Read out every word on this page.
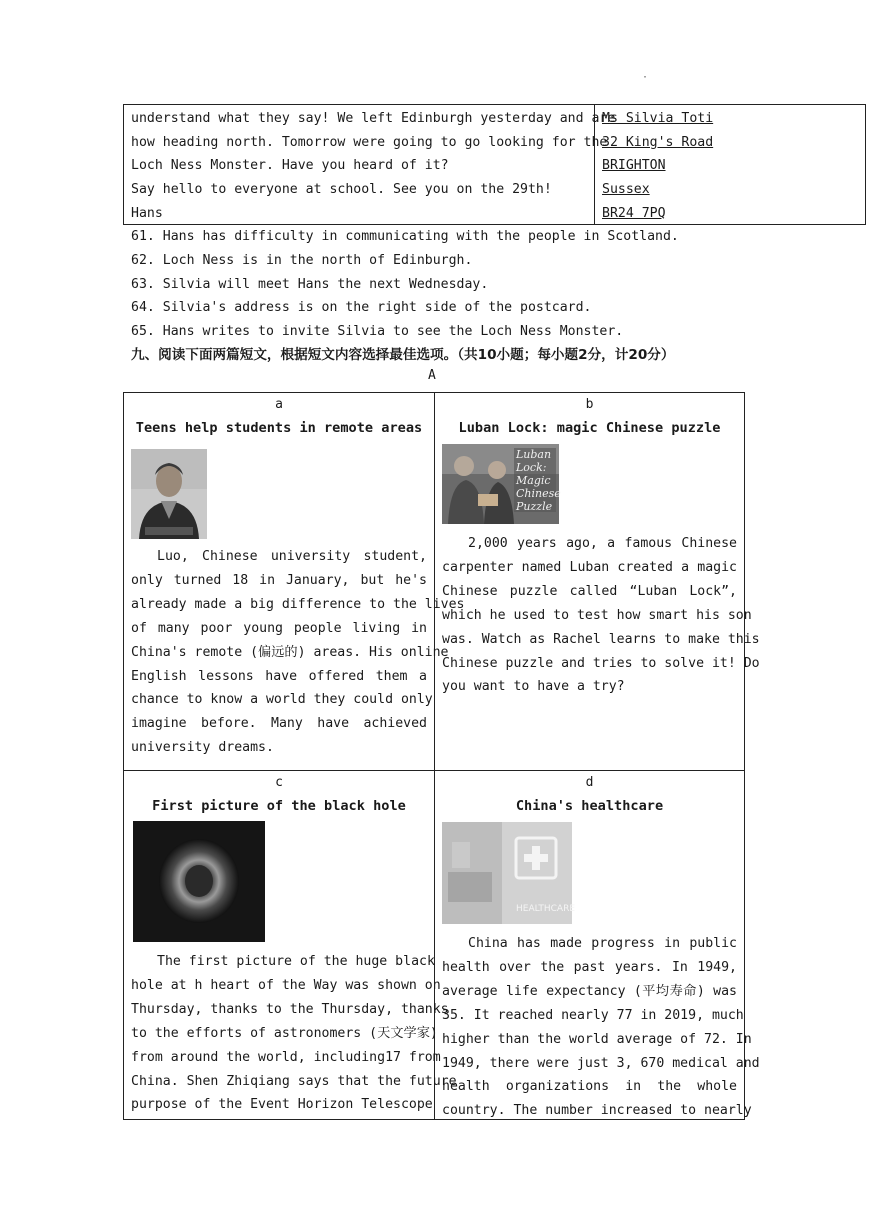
·
understand what they say! We left Edinburgh yesterday and are
how heading north. Tomorrow were going to go looking for the
Loch Ness Monster. Have you heard of it?
Say hello to everyone at school. See you on the 29th!
Hans
Ms Silvia Toti
32 King's Road
BRIGHTON
Sussex
BR24 7PQ
61. Hans has difficulty in communicating with the people in Scotland.
62. Loch Ness is in the north of Edinburgh.
63. Silvia will meet Hans the next Wednesday.
64. Silvia's address is on the right side of the postcard.
65. Hans writes to invite Silvia to see the Loch Ness Monster.
九、阅读下面两篇短文，根据短文内容选择最佳选项。（共10小题；每小题2分，计20分）
A
a
Teens help students in remote areas
Luo, Chinese university student,
only turned 18 in January, but he's
already made a big difference to the lives
of many poor young people living in
China's remote (偏远的) areas. His online
English lessons have offered them a
chance to know a world they could only
imagine before. Many have achieved
university dreams.
b
Luban Lock: magic Chinese puzzle
Luban Lock: Magic Chinese Puzzle
2,000 years ago, a famous Chinese
carpenter named Luban created a magic
Chinese puzzle called “Luban Lock”,
which he used to test how smart his son
was. Watch as Rachel learns to make this
Chinese puzzle and tries to solve it! Do
you want to have a try?
c
First picture of the black hole
The first picture of the huge black
hole at h heart of the Way was shown on
Thursday, thanks to the Thursday, thanks
to the efforts of astronomers (天文学家)
from around the world, including17 from
China. Shen Zhiqiang says that the future
purpose of the Event Horizon Telescope
d
China's healthcare
HEALTHCARE
China has made progress in public
health over the past years. In 1949,
average life expectancy (平均寿命) was
35. It reached nearly 77 in 2019, much
higher than the world average of 72. In
1949, there were just 3, 670 medical and
health organizations in the whole
country. The number increased to nearly
